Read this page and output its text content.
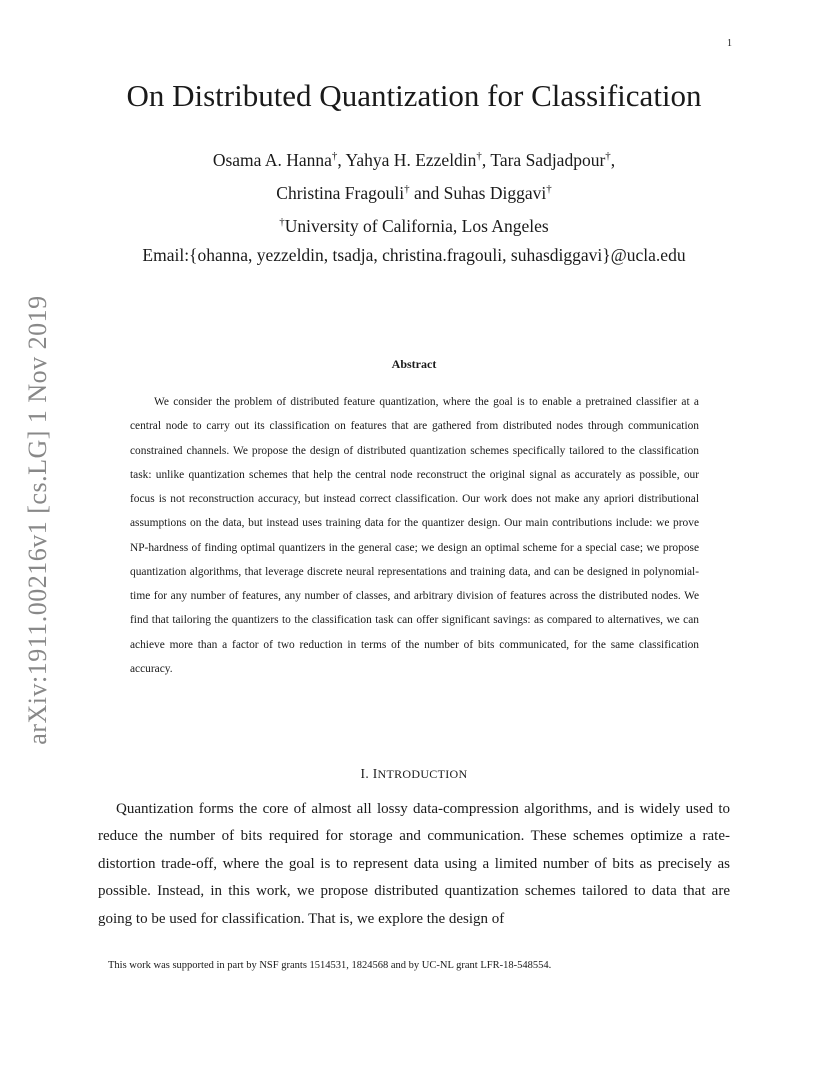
1
arXiv:1911.00216v1 [cs.LG] 1 Nov 2019
On Distributed Quantization for Classification
Osama A. Hanna†, Yahya H. Ezzeldin†, Tara Sadjadpour†,
Christina Fragouli† and Suhas Diggavi†
†University of California, Los Angeles
Email:{ohanna, yezzeldin, tsadja, christina.fragouli, suhasdiggavi}@ucla.edu
Abstract
We consider the problem of distributed feature quantization, where the goal is to enable a pretrained classifier at a central node to carry out its classification on features that are gathered from distributed nodes through communication constrained channels. We propose the design of distributed quantization schemes specifically tailored to the classification task: unlike quantization schemes that help the central node reconstruct the original signal as accurately as possible, our focus is not reconstruction accuracy, but instead correct classification. Our work does not make any apriori distributional assumptions on the data, but instead uses training data for the quantizer design. Our main contributions include: we prove NP-hardness of finding optimal quantizers in the general case; we design an optimal scheme for a special case; we propose quantization algorithms, that leverage discrete neural representations and training data, and can be designed in polynomial-time for any number of features, any number of classes, and arbitrary division of features across the distributed nodes. We find that tailoring the quantizers to the classification task can offer significant savings: as compared to alternatives, we can achieve more than a factor of two reduction in terms of the number of bits communicated, for the same classification accuracy.
I. INTRODUCTION
Quantization forms the core of almost all lossy data-compression algorithms, and is widely used to reduce the number of bits required for storage and communication. These schemes optimize a rate-distortion trade-off, where the goal is to represent data using a limited number of bits as precisely as possible. Instead, in this work, we propose distributed quantization schemes tailored to data that are going to be used for classification. That is, we explore the design of
This work was supported in part by NSF grants 1514531, 1824568 and by UC-NL grant LFR-18-548554.
